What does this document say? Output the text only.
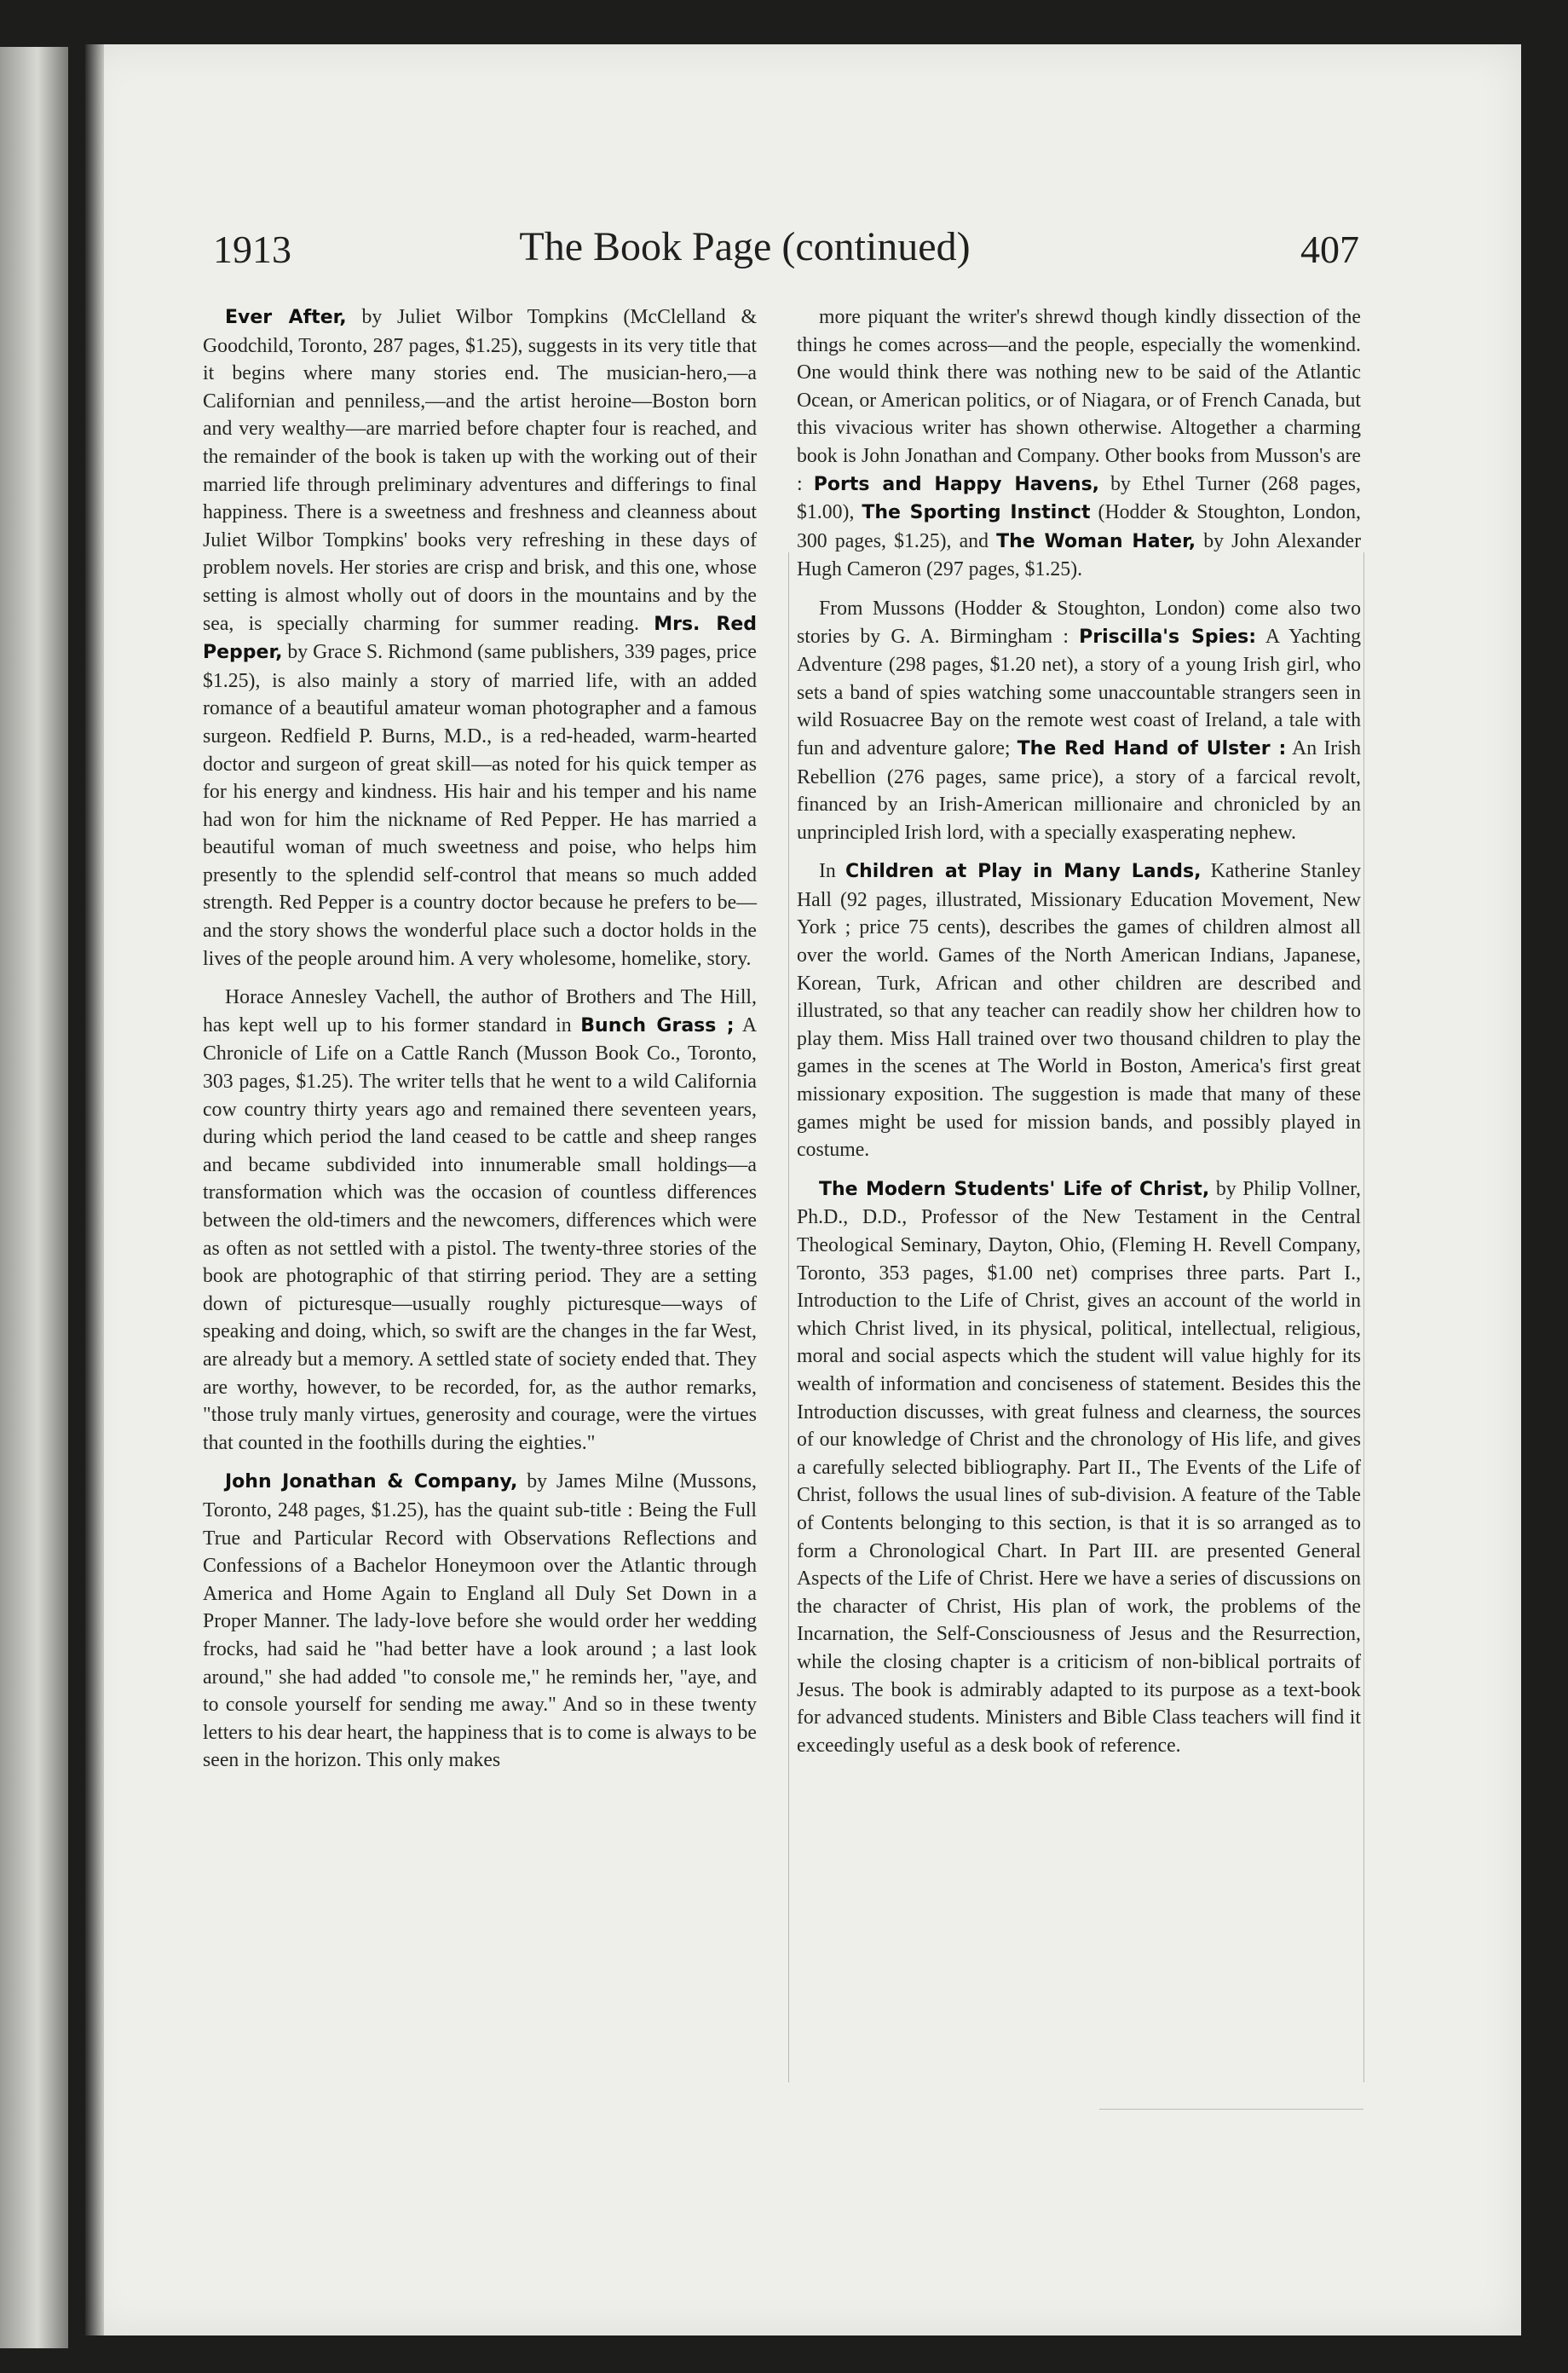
1913	The Book Page (continued)	407

Ever After, by Juliet Wilbor Tompkins (McClelland & Goodchild, Toronto, 287 pages, $1.25), suggests in its very title that it begins where many stories end. The musician-hero,—a Californian and penniless,—and the artist heroine—Boston born and very wealthy—are married before chapter four is reached, and the remainder of the book is taken up with the working out of their married life through preliminary adventures and differings to final happiness. There is a sweetness and freshness and cleanness about Juliet Wilbor Tompkins' books very refreshing in these days of problem novels. Her stories are crisp and brisk, and this one, whose setting is almost wholly out of doors in the mountains and by the sea, is specially charming for summer reading. Mrs. Red Pepper, by Grace S. Richmond (same publishers, 339 pages, price $1.25), is also mainly a story of married life, with an added romance of a beautiful amateur woman photographer and a famous surgeon. Redfield P. Burns, M.D., is a red-headed, warm-hearted doctor and surgeon of great skill—as noted for his quick temper as for his energy and kindness. His hair and his temper and his name had won for him the nickname of Red Pepper. He has married a beautiful woman of much sweetness and poise, who helps him presently to the splendid self-control that means so much added strength. Red Pepper is a country doctor because he prefers to be—and the story shows the wonderful place such a doctor holds in the lives of the people around him. A very wholesome, homelike, story.

Horace Annesley Vachell, the author of Brothers and The Hill, has kept well up to his former standard in Bunch Grass ; A Chronicle of Life on a Cattle Ranch (Musson Book Co., Toronto, 303 pages, $1.25). The writer tells that he went to a wild California cow country thirty years ago and remained there seventeen years, during which period the land ceased to be cattle and sheep ranges and became subdivided into innumerable small holdings—a transformation which was the occasion of countless differences between the old-timers and the newcomers, differences which were as often as not settled with a pistol. The twenty-three stories of the book are photographic of that stirring period. They are a setting down of picturesque—usually roughly picturesque—ways of speaking and doing, which, so swift are the changes in the far West, are already but a memory. A settled state of society ended that. They are worthy, however, to be recorded, for, as the author remarks, "those truly manly virtues, generosity and courage, were the virtues that counted in the foothills during the eighties."

John Jonathan & Company, by James Milne (Mussons, Toronto, 248 pages, $1.25), has the quaint sub-title : Being the Full True and Particular Record with Observations Reflections and Confessions of a Bachelor Honeymoon over the Atlantic through America and Home Again to England all Duly Set Down in a Proper Manner. The lady-love before she would order her wedding frocks, had said he "had better have a look around ; a last look around," she had added "to console me," he reminds her, "aye, and to console yourself for sending me away." And so in these twenty letters to his dear heart, the happiness that is to come is always to be seen in the horizon. This only makes

more piquant the writer's shrewd though kindly dissection of the things he comes across—and the people, especially the womenkind. One would think there was nothing new to be said of the Atlantic Ocean, or American politics, or of Niagara, or of French Canada, but this vivacious writer has shown otherwise. Altogether a charming book is John Jonathan and Company. Other books from Musson's are : Ports and Happy Havens, by Ethel Turner (268 pages, $1.00), The Sporting Instinct (Hodder & Stoughton, London, 300 pages, $1.25), and The Woman Hater, by John Alexander Hugh Cameron (297 pages, $1.25).

From Mussons (Hodder & Stoughton, London) come also two stories by G. A. Birmingham : Priscilla's Spies: A Yachting Adventure (298 pages, $1.20 net), a story of a young Irish girl, who sets a band of spies watching some unaccountable strangers seen in wild Rosuacree Bay on the remote west coast of Ireland, a tale with fun and adventure galore; The Red Hand of Ulster : An Irish Rebellion (276 pages, same price), a story of a farcical revolt, financed by an Irish-American millionaire and chronicled by an unprincipled Irish lord, with a specially exasperating nephew.

In Children at Play in Many Lands, Katherine Stanley Hall (92 pages, illustrated, Missionary Education Movement, New York ; price 75 cents), describes the games of children almost all over the world. Games of the North American Indians, Japanese, Korean, Turk, African and other children are described and illustrated, so that any teacher can readily show her children how to play them. Miss Hall trained over two thousand children to play the games in the scenes at The World in Boston, America's first great missionary exposition. The suggestion is made that many of these games might be used for mission bands, and possibly played in costume.

The Modern Students' Life of Christ, by Philip Vollner, Ph.D., D.D., Professor of the New Testament in the Central Theological Seminary, Dayton, Ohio, (Fleming H. Revell Company, Toronto, 353 pages, $1.00 net) comprises three parts. Part I., Introduction to the Life of Christ, gives an account of the world in which Christ lived, in its physical, political, intellectual, religious, moral and social aspects which the student will value highly for its wealth of information and conciseness of statement. Besides this the Introduction discusses, with great fulness and clearness, the sources of our knowledge of Christ and the chronology of His life, and gives a carefully selected bibliography. Part II., The Events of the Life of Christ, follows the usual lines of sub-division. A feature of the Table of Contents belonging to this section, is that it is so arranged as to form a Chronological Chart. In Part III. are presented General Aspects of the Life of Christ. Here we have a series of discussions on the character of Christ, His plan of work, the problems of the Incarnation, the Self-Consciousness of Jesus and the Resurrection, while the closing chapter is a criticism of non-biblical portraits of Jesus. The book is admirably adapted to its purpose as a text-book for advanced students. Ministers and Bible Class teachers will find it exceedingly useful as a desk book of reference.
